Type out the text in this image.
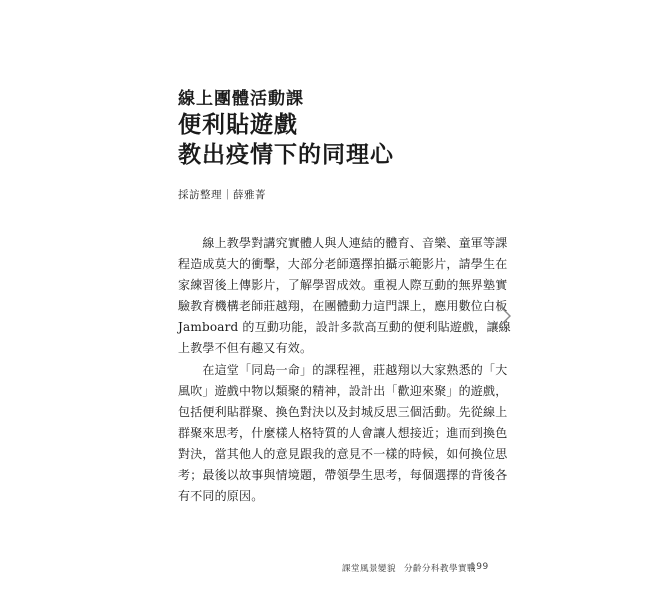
線上團體活動課
便利貼遊戲
教出疫情下的同理心
採訪整理｜薛雅菁
　　線上教學對講究實體人與人連結的體育、音樂、童軍等課
程造成莫大的衝擊，大部分老師選擇拍攝示範影片，請學生在
家練習後上傳影片，了解學習成效。重視人際互動的無界塾實
驗教育機構老師莊越翔，在團體動力這門課上，應用數位白板
Jamboard 的互動功能，設計多款高互動的便利貼遊戲，讓線
上教學不但有趣又有效。
　　在這堂「同島一命」的課程裡，莊越翔以大家熟悉的「大
風吹」遊戲中物以類聚的精神，設計出「歡迎來聚」的遊戲，
包括便利貼群聚、換色對決以及封城反思三個活動。先從線上
群聚來思考，什麼樣人格特質的人會讓人想接近；進而到換色
對決，當其他人的意見跟我的意見不一樣的時候，如何換位思
考；最後以故事與情境題，帶領學生思考，每個選擇的背後各
有不同的原因。
課堂風景變貌 分齡分科教學實戰
199
